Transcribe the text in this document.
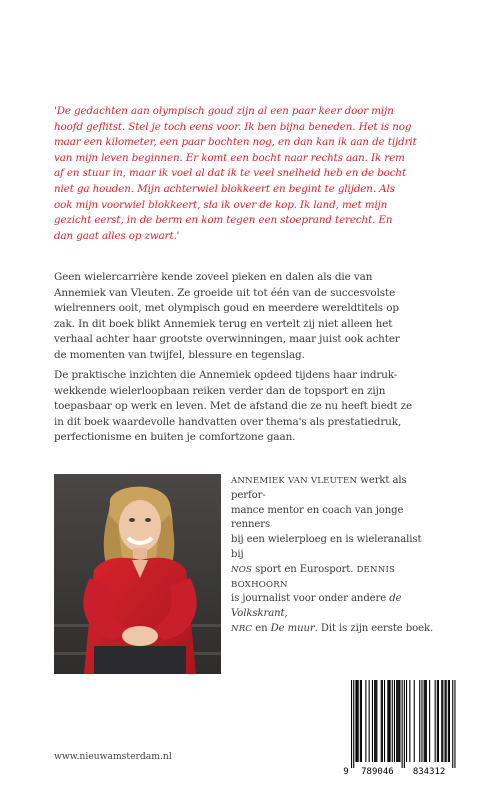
'De gedachten aan olympisch goud zijn al een paar keer door mijn
hoofd geflitst. Stel je toch eens voor. Ik ben bijna beneden. Het is nog
maar een kilometer, een paar bochten nog, en dan kan ik aan de tijdrit
van mijn leven beginnen. Er komt een bocht naar rechts aan. Ik rem
af en stuur in, maar ik voel al dat ik te veel snelheid heb en de bocht
niet ga houden. Mijn achterwiel blokkeert en begint te glijden. Als
ook mijn voorwiel blokkeert, sla ik over de kop. Ik land, met mijn
gezicht eerst, in de berm en kom tegen een stoeprand terecht. En
dan gaat alles op zwart.'
Geen wielercarrière kende zoveel pieken en dalen als die van
Annemiek van Vleuten. Ze groeide uit tot één van de succesvolste
wielrenners ooit, met olympisch goud en meerdere wereldtitels op
zak. In dit boek blikt Annemiek terug en vertelt zij niet alleen het
verhaal achter haar grootste overwinningen, maar juist ook achter
de momenten van twijfel, blessure en tegenslag.
De praktische inzichten die Annemiek opdeed tijdens haar indruk-
wekkende wielerloopbaan reiken verder dan de topsport en zijn
toepasbaar op werk en leven. Met de afstand die ze nu heeft biedt ze
in dit boek waardevolle handvatten over thema's als prestatiedruk,
perfectionisme en buiten je comfortzone gaan.
ANNEMIEK VAN VLEUTEN werkt als perfor-
mance mentor en coach van jonge renners
bij een wielerploeg en is wieleranalist bij
NOS sport en Eurosport. DENNIS BOXHOORN
is journalist voor onder andere de Volkskrant,
NRC en De muur. Dit is zijn eerste boek.
www.nieuwamsterdam.nl
9 789046 834312
